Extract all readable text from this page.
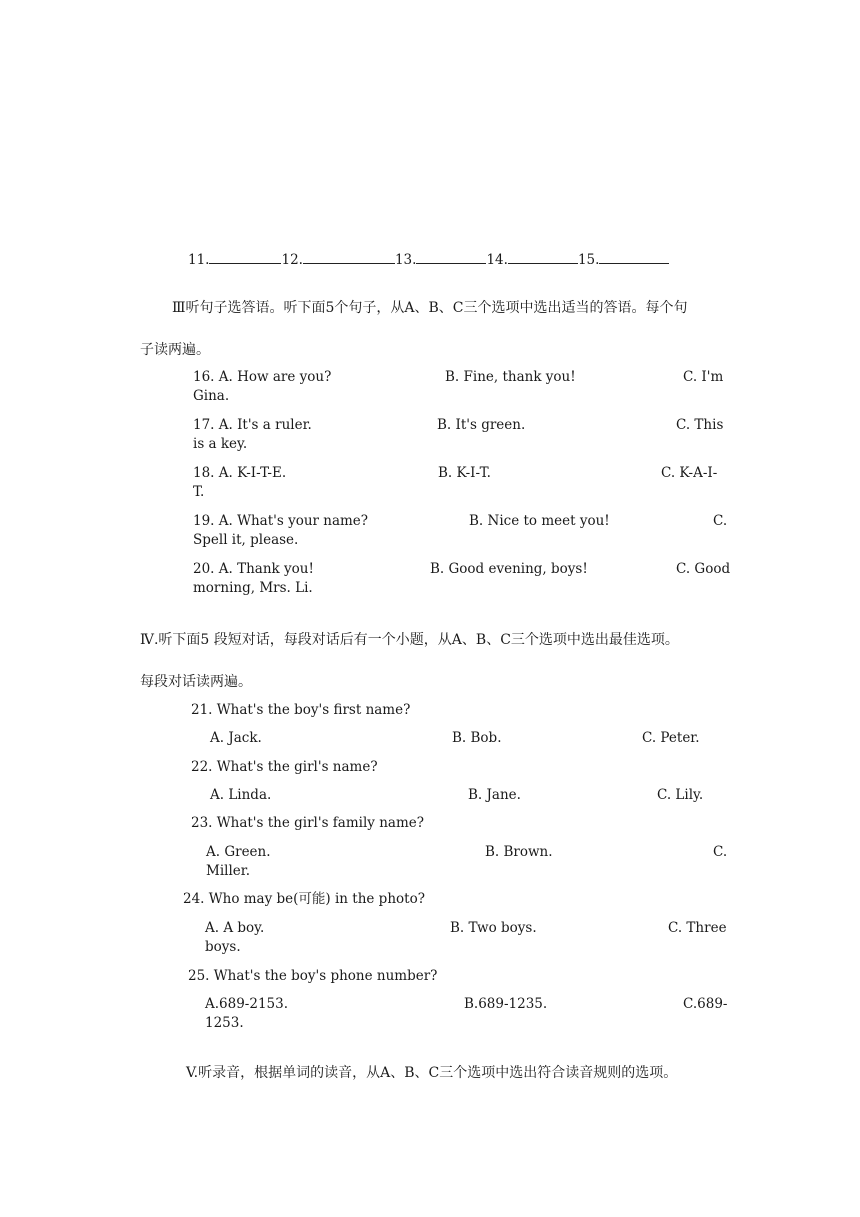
11.	12.	13.	14.	15.
Ⅲ听句子选答语。听下面5个句子，从A、B、C三个选项中选出适当的答语。每个句
子读两遍。
16. A. How are you?	B. Fine, thank you!	C. I'm
Gina.
17. A. It's a ruler.	B. It's green.	C. This
is a key.
18. A. K-I-T-E.	B. K-I-T.	C. K-A-I-
T.
19. A. What's your name?	B. Nice to meet you!	C.
Spell it, please.
20. A. Thank you!	B. Good evening, boys!	C. Good
morning, Mrs. Li.
Ⅳ.听下面5 段短对话，每段对话后有一个小题，从A、B、C三个选项中选出最佳选项。
每段对话读两遍。
21. What's the boy's first name?
A. Jack.	B. Bob.	C. Peter.
22. What's the girl's name?
A. Linda.	B. Jane.	C. Lily.
23. What's the girl's family name?
A. Green.	B. Brown.	C.
Miller.
24. Who may be(可能) in the photo?
A. A boy.	B. Two boys.	C. Three
boys.
25. What's the boy's phone number?
A.689-2153.	B.689-1235.	C.689-
1253.
V.听录音，根据单词的读音，从A、B、C三个选项中选出符合读音规则的选项。
